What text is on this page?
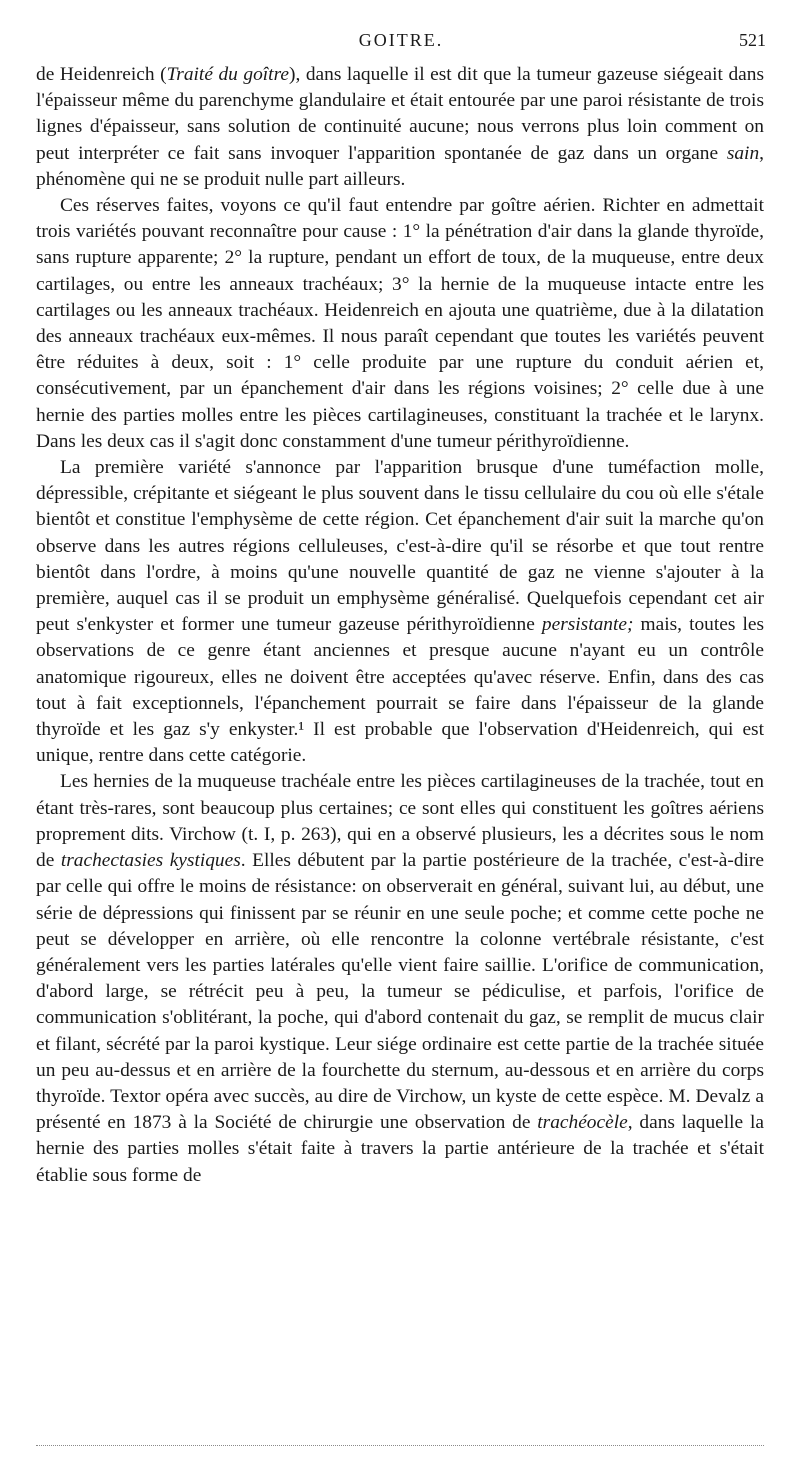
GOITRE.	521

de Heidenreich (Traité du goître), dans laquelle il est dit que la tumeur gazeuse siégeait dans l'épaisseur même du parenchyme glandulaire et était entourée par une paroi résistante de trois lignes d'épaisseur, sans solution de continuité aucune; nous verrons plus loin comment on peut interpréter ce fait sans invoquer l'apparition spontanée de gaz dans un organe sain, phénomène qui ne se produit nulle part ailleurs.

Ces réserves faites, voyons ce qu'il faut entendre par goître aérien. Richter en admettait trois variétés pouvant reconnaître pour cause : 1° la pénétration d'air dans la glande thyroïde, sans rupture apparente; 2° la rupture, pendant un effort de toux, de la muqueuse, entre deux cartilages, ou entre les anneaux trachéaux; 3° la hernie de la muqueuse intacte entre les cartilages ou les anneaux trachéaux. Heidenreich en ajouta une quatrième, due à la dilatation des anneaux trachéaux eux-mêmes. Il nous paraît cependant que toutes les variétés peuvent être réduites à deux, soit : 1° celle produite par une rupture du conduit aérien et, consécutivement, par un épanchement d'air dans les régions voisines; 2° celle due à une hernie des parties molles entre les pièces cartilagineuses, constituant la trachée et le larynx. Dans les deux cas il s'agit donc constamment d'une tumeur périthyroïdienne.

La première variété s'annonce par l'apparition brusque d'une tuméfaction molle, dépressible, crépitante et siégeant le plus souvent dans le tissu cellulaire du cou où elle s'étale bientôt et constitue l'emphysème de cette région. Cet épanchement d'air suit la marche qu'on observe dans les autres régions celluleuses, c'est-à-dire qu'il se résorbe et que tout rentre bientôt dans l'ordre, à moins qu'une nouvelle quantité de gaz ne vienne s'ajouter à la première, auquel cas il se produit un emphysème généralisé. Quelquefois cependant cet air peut s'enkyster et former une tumeur gazeuse périthyroïdienne persistante; mais, toutes les observations de ce genre étant anciennes et presque aucune n'ayant eu un contrôle anatomique rigoureux, elles ne doivent être acceptées qu'avec réserve. Enfin, dans des cas tout à fait exceptionnels, l'épanchement pourrait se faire dans l'épaisseur de la glande thyroïde et les gaz s'y enkyster.¹ Il est probable que l'observation d'Heidenreich, qui est unique, rentre dans cette catégorie.

Les hernies de la muqueuse trachéale entre les pièces cartilagineuses de la trachée, tout en étant très-rares, sont beaucoup plus certaines; ce sont elles qui constituent les goîtres aériens proprement dits. Virchow (t. I, p. 263), qui en a observé plusieurs, les a décrites sous le nom de trachectasies kystiques. Elles débutent par la partie postérieure de la trachée, c'est-à-dire par celle qui offre le moins de résistance: on observerait en général, suivant lui, au début, une série de dépressions qui finissent par se réunir en une seule poche; et comme cette poche ne peut se développer en arrière, où elle rencontre la colonne vertébrale résistante, c'est généralement vers les parties latérales qu'elle vient faire saillie. L'orifice de communication, d'abord large, se rétrécit peu à peu, la tumeur se pédiculise, et parfois, l'orifice de communication s'oblitérant, la poche, qui d'abord contenait du gaz, se remplit de mucus clair et filant, sécrété par la paroi kystique. Leur siége ordinaire est cette partie de la trachée située un peu au-dessus et en arrière de la fourchette du sternum, au-dessous et en arrière du corps thyroïde. Textor opéra avec succès, au dire de Virchow, un kyste de cette espèce. M. Devalz a présenté en 1873 à la Société de chirurgie une observation de trachéocèle, dans laquelle la hernie des parties molles s'était faite à travers la partie antérieure de la trachée et s'était établie sous forme de
